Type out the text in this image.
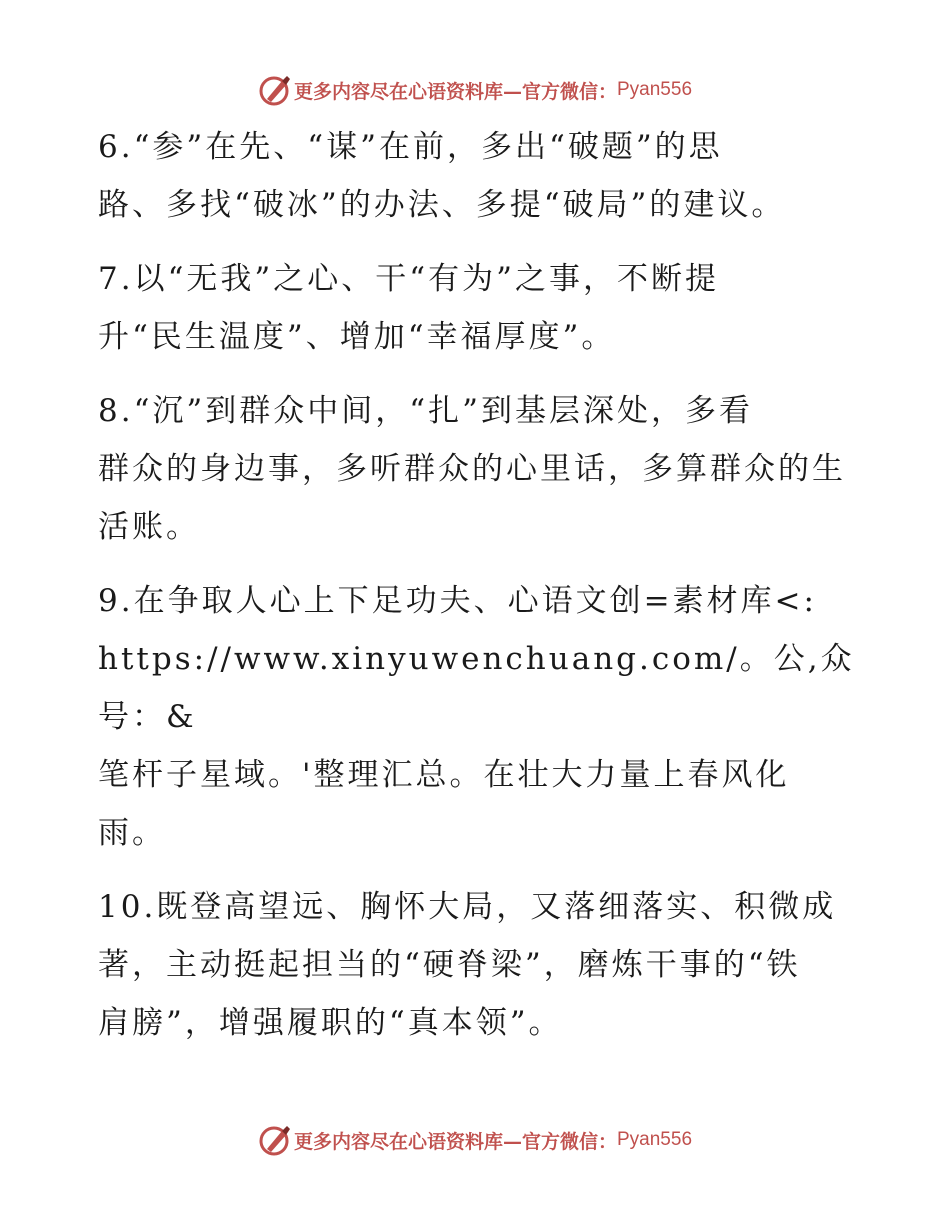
更多内容尽在心语资料库—官方微信： Pyan556

6.“参”在先、“谋”在前，多出“破题”的思
路、多找“破冰”的办法、多提“破局”的建议。

7.以“无我”之心、干“有为”之事，不断提
升“民生温度”、增加“幸福厚度”。

8.“沉”到群众中间，“扎”到基层深处，多看
群众的身边事，多听群众的心里话，多算群众的生
活账。

9.在争取人心上下足功夫、心语文创=素材库<:
https://www.xinyuwenchuang.com/。公,众号：&
笔杆子星域。'整理汇总。在壮大力量上春风化
雨。

10.既登高望远、胸怀大局，又落细落实、积微成
著，主动挺起担当的“硬脊梁”，磨炼干事的“铁
肩膀”，增强履职的“真本领”。

更多内容尽在心语资料库—官方微信： Pyan556
